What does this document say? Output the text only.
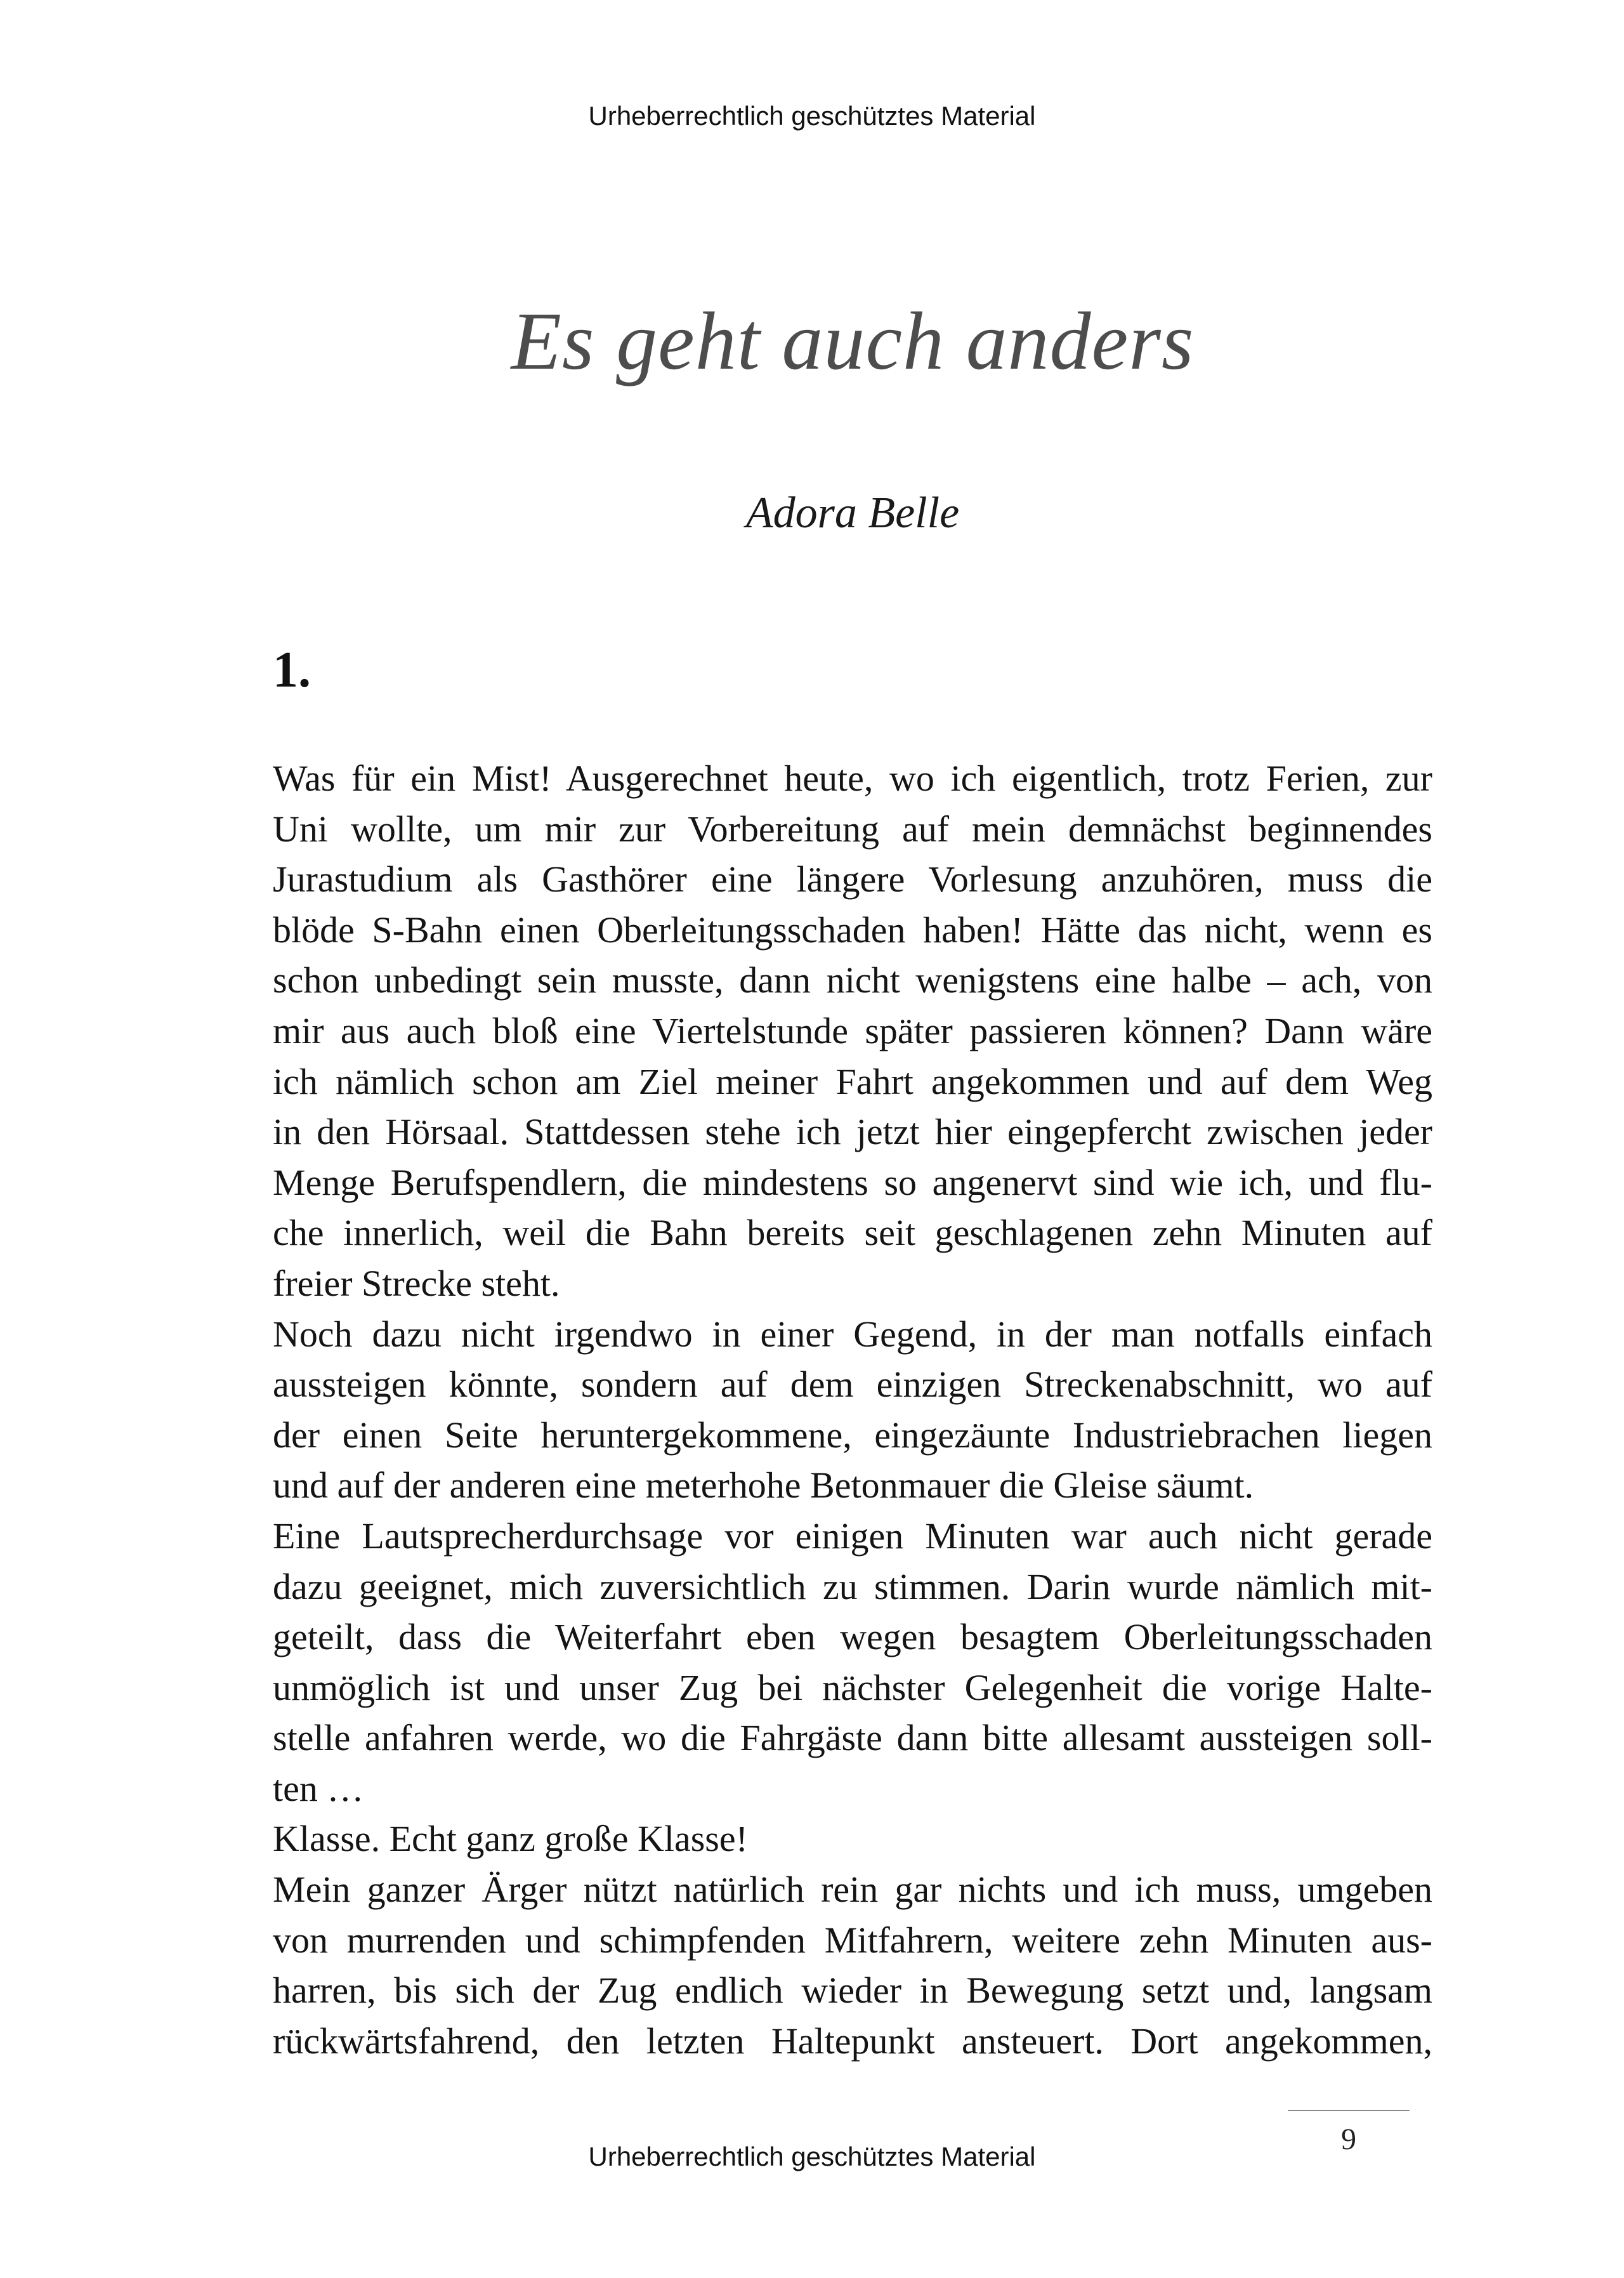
Urheberrechtlich geschütztes Material
Es geht auch anders
Adora Belle
1.
Was für ein Mist! Ausgerechnet heute, wo ich eigentlich, trotz Ferien, zur
Uni wollte, um mir zur Vorbereitung auf mein demnächst beginnendes
Jurastudium als Gasthörer eine längere Vorlesung anzuhören, muss die
blöde S-Bahn einen Oberleitungsschaden haben! Hätte das nicht, wenn es
schon unbedingt sein musste, dann nicht wenigstens eine halbe – ach, von
mir aus auch bloß eine Viertelstunde später passieren können? Dann wäre
ich nämlich schon am Ziel meiner Fahrt angekommen und auf dem Weg
in den Hörsaal. Stattdessen stehe ich jetzt hier eingepfercht zwischen jeder
Menge Berufspendlern, die mindestens so angenervt sind wie ich, und flu-
che innerlich, weil die Bahn bereits seit geschlagenen zehn Minuten auf
freier Strecke steht.
Noch dazu nicht irgendwo in einer Gegend, in der man notfalls einfach
aussteigen könnte, sondern auf dem einzigen Streckenabschnitt, wo auf
der einen Seite heruntergekommene, eingezäunte Industriebrachen liegen
und auf der anderen eine meterhohe Betonmauer die Gleise säumt.
Eine Lautsprecherdurchsage vor einigen Minuten war auch nicht gerade
dazu geeignet, mich zuversichtlich zu stimmen. Darin wurde nämlich mit-
geteilt, dass die Weiterfahrt eben wegen besagtem Oberleitungsschaden
unmöglich ist und unser Zug bei nächster Gelegenheit die vorige Halte-
stelle anfahren werde, wo die Fahrgäste dann bitte allesamt aussteigen soll-
ten …
Klasse. Echt ganz große Klasse!
Mein ganzer Ärger nützt natürlich rein gar nichts und ich muss, umgeben
von murrenden und schimpfenden Mitfahrern, weitere zehn Minuten aus-
harren, bis sich der Zug endlich wieder in Bewegung setzt und, langsam
rückwärtsfahrend, den letzten Haltepunkt ansteuert. Dort angekommen,
9
Urheberrechtlich geschütztes Material
